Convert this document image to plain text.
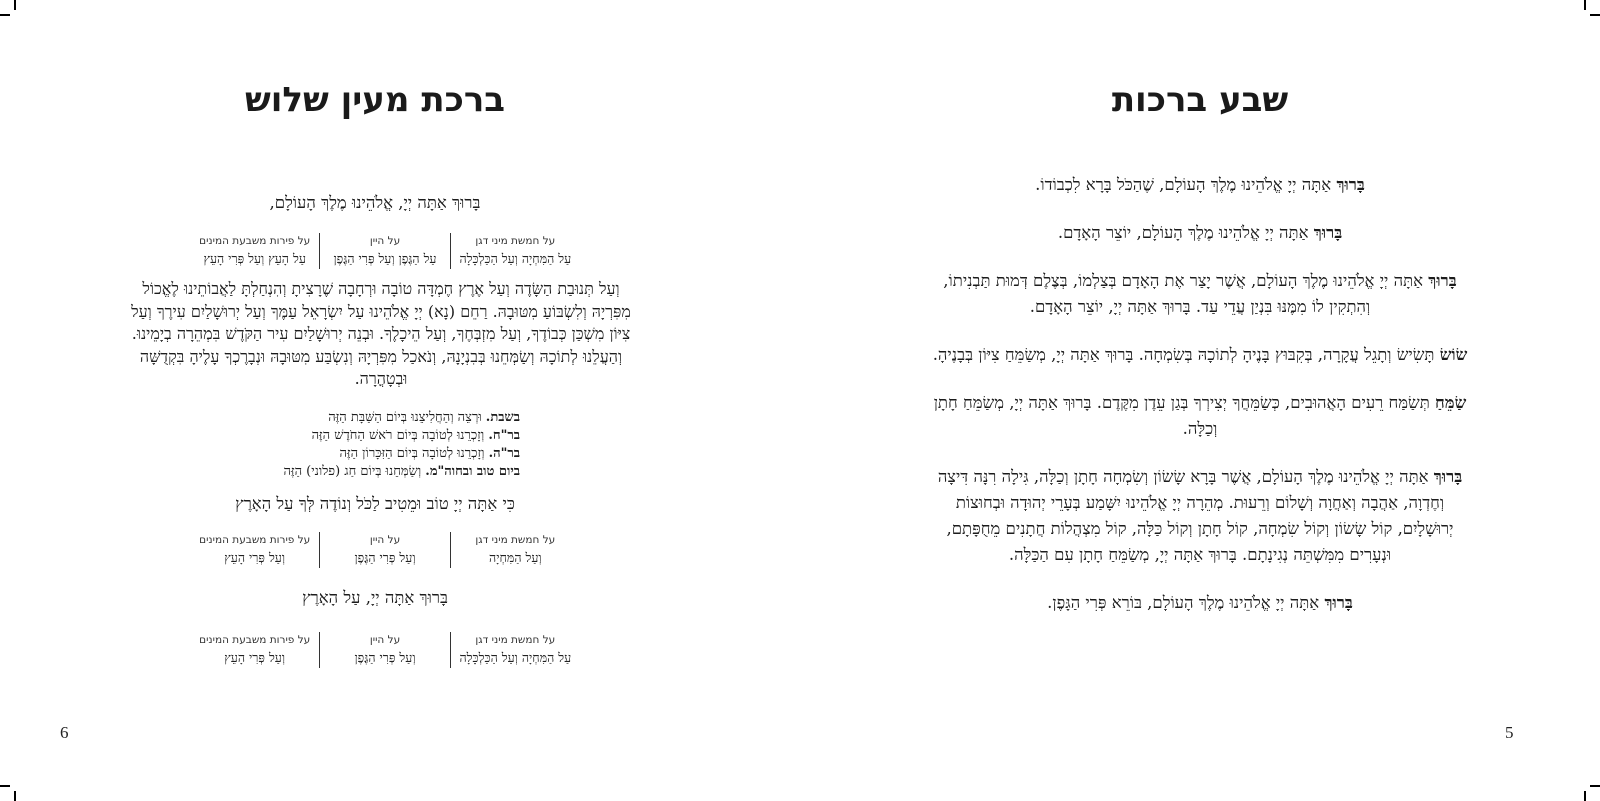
ברכת מעין שלוש
בָּרוּךְ אַתָּה יְיָ, אֱלֹהֵינוּ מֶלֶךְ הָעוֹלָם,
על חמשת מיני דגן
עַל הַמִּחְיָה וְעַל הַכַּלְכָּלָה
על היין
עַל הַגֶּפֶן וְעַל פְּרִי הַגֶּפֶן
על פירות משבעת המינים
עַל הָעֵץ וְעַל פְּרִי הָעֵץ

וְעַל תְּנוּבַת הַשָּׂדֶה וְעַל אֶרֶץ חֶמְדָּה טוֹבָה וּרְחָבָה שֶׁרָצִיתָ וְהִנְחַלְתָּ לַאֲבוֹתֵינוּ לֶאֱכוֹל מִפִּרְיָהּ וְלִשְׂבּוֹעַ מִטּוּבָהּ. רַחֵם (נָא) יְיָ אֱלֹהֵינוּ עַל יִשְׂרָאֵל עַמֶּךָ וְעַל יְרוּשָׁלַיִם עִירֶךָ וְעַל צִיּוֹן מִשְׁכַּן כְּבוֹדֶךָ, וְעַל מִזְבְּחֶךָ, וְעַל הֵיכָלֶךָ. וּבְנֵה יְרוּשָׁלַיִם עִיר הַקֹּדֶשׁ בִּמְהֵרָה בְיָמֵינוּ. וְהַעֲלֵנוּ לְתוֹכָהּ וְשַׂמְּחֵנוּ בְּבִנְיָנָהּ, וְנֹאכַל מִפִּרְיָהּ וְנִשְׂבַּע מִטּוּבָהּ וּנְבָרֶכְךָ עָלֶיהָ בִּקְדֻשָּׁה וּבְטָהֳרָה.

בשבת. וּרְצֵה וְהַחֲלִיצֵנוּ בְּיוֹם הַשַּׁבָּת הַזֶּה
בר"ח. וְזָכְרֵנוּ לְטוֹבָה בְּיוֹם רֹאשׁ הַחֹדֶשׁ הַזֶּה
בר"ה. וְזָכְרֵנוּ לְטוֹבָה בְּיוֹם הַזִּכָּרוֹן הַזֶּה
ביום טוב ובחוה"מ. וְשַׂמְּחֵנוּ בְּיוֹם חַג (פלוני) הַזֶּה
כִּי אַתָּה יְיָ טוֹב וּמֵטִיב לַכֹּל וְנוֹדֶה לְּךָ עַל הָאָרֶץ
על חמשת מיני דגן
וְעַל הַמִּחְיָה
על היין
וְעַל פְּרִי הַגֶּפֶן
על פירות משבעת המינים
וְעַל פְּרִי הָעֵץ
בָּרוּךְ אַתָּה יְיָ, עַל הָאָרֶץ
על חמשת מיני דגן
עַל הַמִּחְיָה וְעַל הַכַּלְכָּלָה
על היין
וְעַל פְּרִי הַגֶּפֶן
על פירות משבעת המינים
וְעַל פְּרִי הָעֵץ
שבע ברכות

בָּרוּךְ אַתָּה יְיָ אֱלֹהֵינוּ מֶלֶךְ הָעוֹלָם, שֶׁהַכֹּל בָּרָא לִכְבוֹדוֹ.

בָּרוּךְ אַתָּה יְיָ אֱלֹהֵינוּ מֶלֶךְ הָעוֹלָם, יוֹצֵר הָאָדָם.

בָּרוּךְ אַתָּה יְיָ אֱלֹהֵינוּ מֶלֶךְ הָעוֹלָם, אֲשֶׁר יָצַר אֶת הָאָדָם בְּצַלְמוֹ, בְּצֶלֶם דְּמוּת תַּבְנִיתוֹ, וְהִתְקִין לוֹ מִמֶּנּוּ בִּנְיַן עֲדֵי עַד. בָּרוּךְ אַתָּה יְיָ, יוֹצֵר הָאָדָם.

שׂוֹשׂ תָּשִׂישׂ וְתָגֵל עֲקָרָה, בְּקִבּוּץ בָּנֶיהָ לְתוֹכָהּ בְּשִׂמְחָה. בָּרוּךְ אַתָּה יְיָ, מְשַׂמֵּחַ צִיּוֹן בְּבָנֶיהָ.

שַׂמֵּחַ תְּשַׂמַּח רֵעִים הָאֲהוּבִים, כְּשַׂמֵּחֲךָ יְצִירְךָ בְּגַן עֵדֶן מִקֶּדֶם. בָּרוּךְ אַתָּה יְיָ, מְשַׂמֵּחַ חָתָן וְכַלָּה.

בָּרוּךְ אַתָּה יְיָ אֱלֹהֵינוּ מֶלֶךְ הָעוֹלָם, אֲשֶׁר בָּרָא שָׂשׂוֹן וְשִׂמְחָה חָתָן וְכַלָּה, גִּילָה רִנָּה דִּיצָה וְחֶדְוָה, אַהֲבָה וְאַחֲוָה וְשָׁלוֹם וְרֵעוּת. מְהֵרָה יְיָ אֱלֹהֵינוּ יִשָּׁמַע בְּעָרֵי יְהוּדָה וּבְחוּצוֹת יְרוּשָׁלָיִם, קוֹל שָׂשׂוֹן וְקוֹל שִׂמְחָה, קוֹל חָתָן וְקוֹל כַּלָּה, קוֹל מִצְהֲלוֹת חֲתָנִים מֵחֻפָּתָם, וּנְעָרִים מִמִּשְׁתֵּה נְגִינָתָם. בָּרוּךְ אַתָּה יְיָ, מְשַׂמֵּחַ חָתָן עִם הַכַּלָּה.

בָּרוּךְ אַתָּה יְיָ אֱלֹהֵינוּ מֶלֶךְ הָעוֹלָם, בּוֹרֵא פְּרִי הַגָּפֶן.

6	5
